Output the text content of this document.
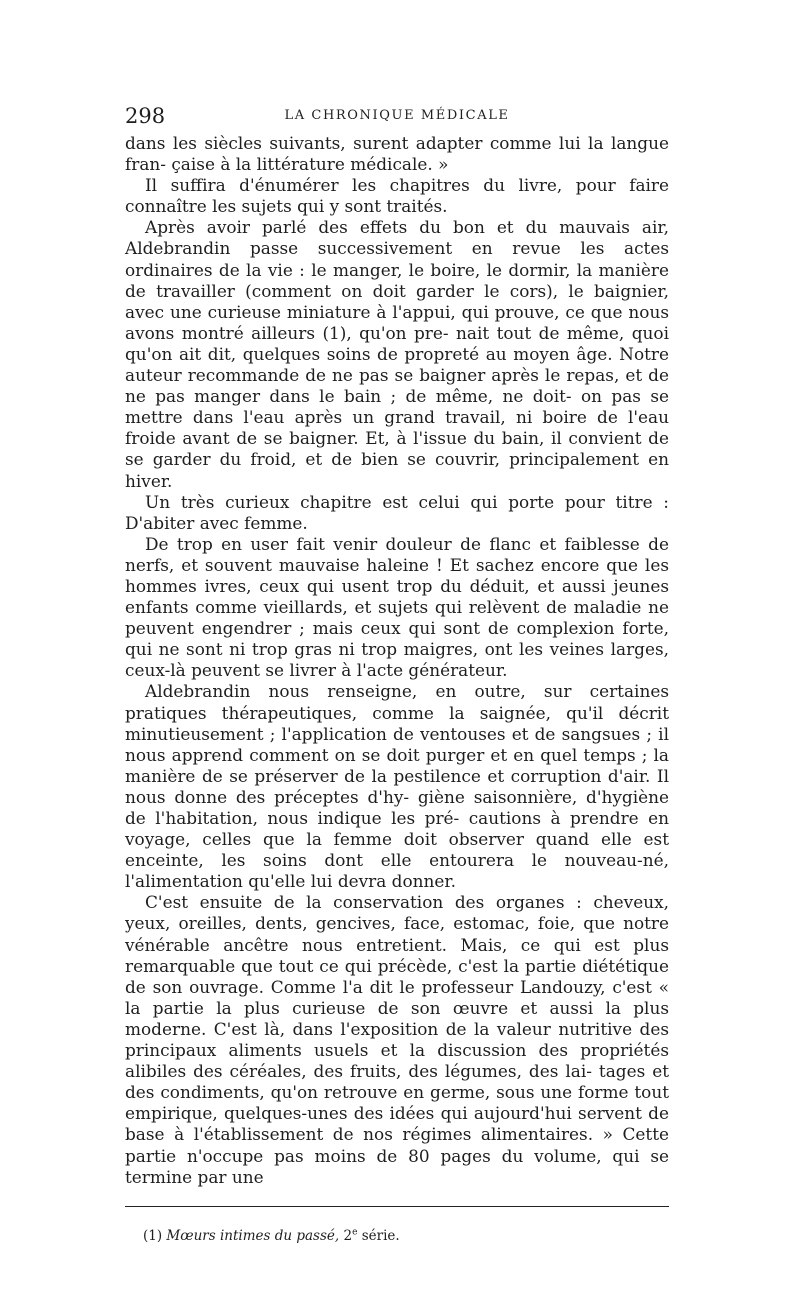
298	LA CHRONIQUE MÉDICALE

dans les siècles suivants, surent adapter comme lui la langue fran- çaise à la littérature médicale. »

Il suffira d'énumérer les chapitres du livre, pour faire connaître les sujets qui y sont traités.

Après avoir parlé des effets du bon et du mauvais air, Aldebrandin passe successivement en revue les actes ordinaires de la vie : le manger, le boire, le dormir, la manière de travailler (comment on doit garder le cors), le baignier, avec une curieuse miniature à l'appui, qui prouve, ce que nous avons montré ailleurs (1), qu'on pre- nait tout de même, quoi qu'on ait dit, quelques soins de propreté au moyen âge. Notre auteur recommande de ne pas se baigner après le repas, et de ne pas manger dans le bain ; de même, ne doit- on pas se mettre dans l'eau après un grand travail, ni boire de l'eau froide avant de se baigner. Et, à l'issue du bain, il convient de se garder du froid, et de bien se couvrir, principalement en hiver.

Un très curieux chapitre est celui qui porte pour titre : D'abiter avec femme.

De trop en user fait venir douleur de flanc et faiblesse de nerfs, et souvent mauvaise haleine ! Et sachez encore que les hommes ivres, ceux qui usent trop du déduit, et aussi jeunes enfants comme vieillards, et sujets qui relèvent de maladie ne peuvent engendrer ; mais ceux qui sont de complexion forte, qui ne sont ni trop gras ni trop maigres, ont les veines larges, ceux-là peuvent se livrer à l'acte générateur.

Aldebrandin nous renseigne, en outre, sur certaines pratiques thérapeutiques, comme la saignée, qu'il décrit minutieusement ; l'application de ventouses et de sangsues ; il nous apprend comment on se doit purger et en quel temps ; la manière de se préserver de la pestilence et corruption d'air. Il nous donne des préceptes d'hy- giène saisonnière, d'hygiène de l'habitation, nous indique les pré- cautions à prendre en voyage, celles que la femme doit observer quand elle est enceinte, les soins dont elle entourera le nouveau-né, l'alimentation qu'elle lui devra donner.

C'est ensuite de la conservation des organes : cheveux, yeux, oreilles, dents, gencives, face, estomac, foie, que notre vénérable ancêtre nous entretient. Mais, ce qui est plus remarquable que tout ce qui précède, c'est la partie diététique de son ouvrage. Comme l'a dit le professeur Landouzy, c'est « la partie la plus curieuse de son œuvre et aussi la plus moderne. C'est là, dans l'exposition de la valeur nutritive des principaux aliments usuels et la discussion des propriétés alibiles des céréales, des fruits, des légumes, des lai- tages et des condiments, qu'on retrouve en germe, sous une forme tout empirique, quelques-unes des idées qui aujourd'hui servent de base à l'établissement de nos régimes alimentaires. » Cette partie n'occupe pas moins de 80 pages du volume, qui se termine par une

(1) Mœurs intimes du passé, 2e série.
